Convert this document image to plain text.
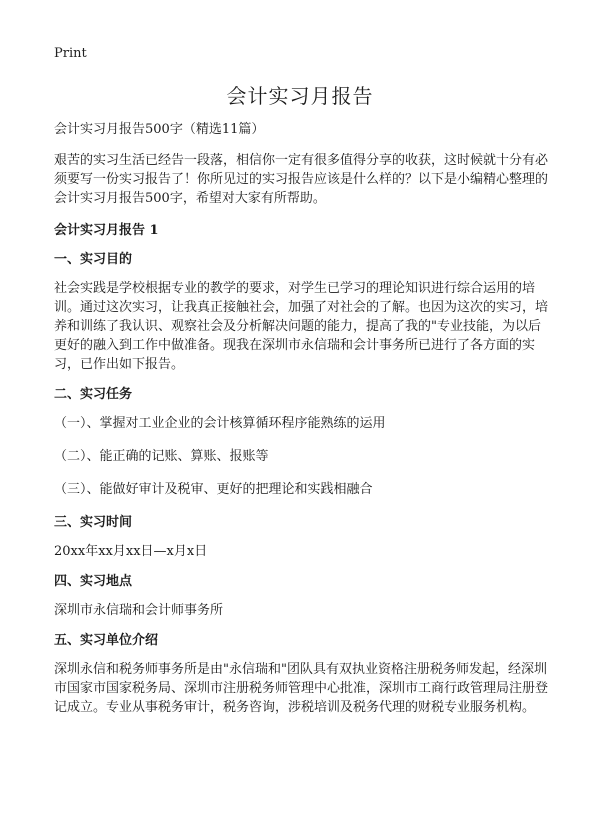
Print
会计实习月报告

会计实习月报告500字（精选11篇）

艰苦的实习生活已经告一段落，相信你一定有很多值得分享的收获，这时候就十分有必须要写一份实习报告了！你所见过的实习报告应该是什么样的？以下是小编精心整理的会计实习月报告500字，希望对大家有所帮助。

会计实习月报告 1

一、实习目的

社会实践是学校根据专业的教学的要求，对学生已学习的理论知识进行综合运用的培训。通过这次实习，让我真正接触社会，加强了对社会的了解。也因为这次的实习，培养和训练了我认识、观察社会及分析解决问题的能力，提高了我的"专业技能，为以后更好的融入到工作中做准备。现我在深圳市永信瑞和会计事务所已进行了各方面的实习，已作出如下报告。

二、实习任务

（一）、掌握对工业企业的会计核算循环程序能熟练的运用

（二）、能正确的记账、算账、报账等

（三）、能做好审计及税审、更好的把理论和实践相融合

三、实习时间

20xx年xx月xx日—x月x日

四、实习地点

深圳市永信瑞和会计师事务所

五、实习单位介绍

深圳永信和税务师事务所是由"永信瑞和"团队具有双执业资格注册税务师发起，经深圳市国家市国家税务局、深圳市注册税务师管理中心批准，深圳市工商行政管理局注册登记成立。专业从事税务审计，税务咨询，涉税培训及税务代理的财税专业服务机构。
